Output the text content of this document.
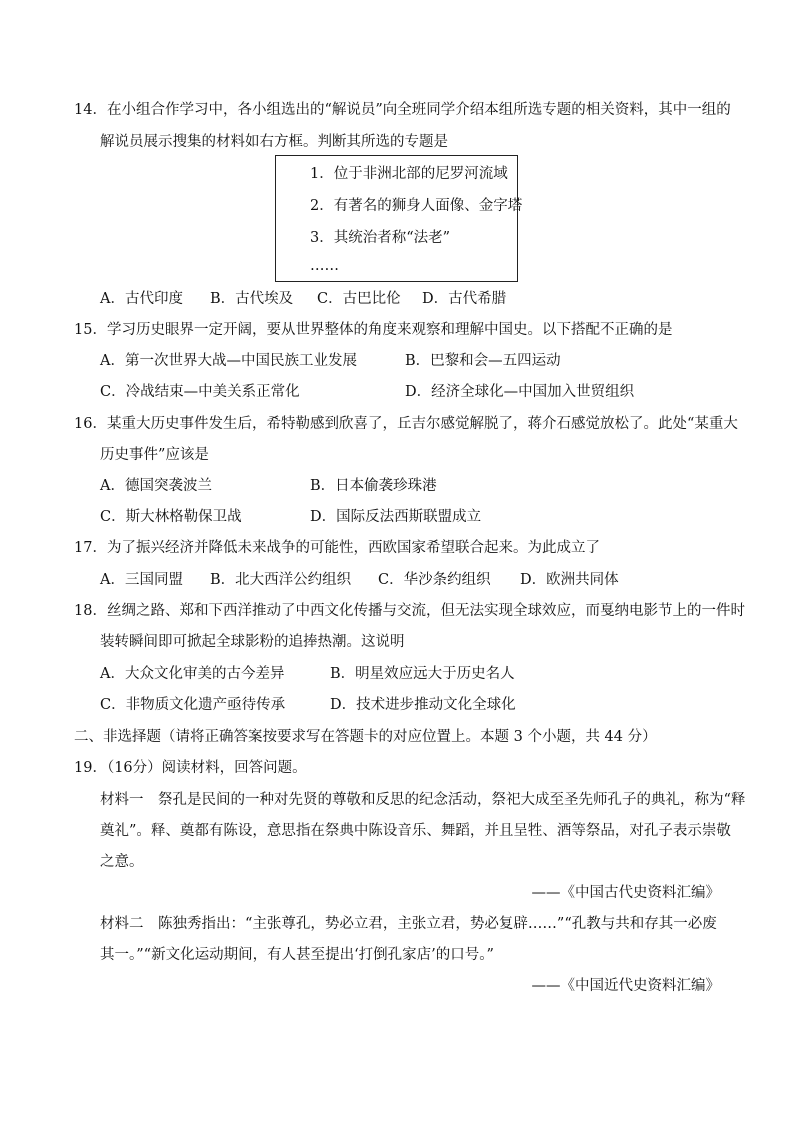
14．在小组合作学习中，各小组选出的“解说员”向全班同学介绍本组所选专题的相关资料，其中一组的
解说员展示搜集的材料如右方框。判断其所选的专题是
1．位于非洲北部的尼罗河流域
2．有著名的狮身人面像、金字塔
3．其统治者称“法老”
……
A．古代印度 B．古代埃及 C．古巴比伦 D．古代希腊
15．学习历史眼界一定开阔，要从世界整体的角度来观察和理解中国史。以下搭配不正确的是
A．第一次世界大战—中国民族工业发展	B．巴黎和会—五四运动
C．冷战结束—中美关系正常化	D．经济全球化—中国加入世贸组织
16．某重大历史事件发生后，希特勒感到欣喜了，丘吉尔感觉解脱了，蒋介石感觉放松了。此处“某重大
历史事件”应该是
A．德国突袭波兰	B．日本偷袭珍珠港
C．斯大林格勒保卫战	D．国际反法西斯联盟成立
17．为了振兴经济并降低未来战争的可能性，西欧国家希望联合起来。为此成立了
A．三国同盟 B．北大西洋公约组织 C．华沙条约组织 D．欧洲共同体
18．丝绸之路、郑和下西洋推动了中西文化传播与交流，但无法实现全球效应，而戛纳电影节上的一件时
装转瞬间即可掀起全球影粉的追捧热潮。这说明
A．大众文化审美的古今差异	B．明星效应远大于历史名人
C．非物质文化遗产亟待传承	D．技术进步推动文化全球化
二、非选择题（请将正确答案按要求写在答题卡的对应位置上。本题 3 个小题，共 44 分）
19．（16分）阅读材料，回答问题。
材料一　祭孔是民间的一种对先贤的尊敬和反思的纪念活动，祭祀大成至圣先师孔子的典礼，称为“释
奠礼”。释、奠都有陈设，意思指在祭典中陈设音乐、舞蹈，并且呈牲、酒等祭品，对孔子表示崇敬
之意。
——《中国古代史资料汇编》
材料二　陈独秀指出：“主张尊孔，势必立君，主张立君，势必复辟……”“孔教与共和存其一必废
其一。”“新文化运动期间，有人甚至提出‘打倒孔家店’的口号。”
——《中国近代史资料汇编》
